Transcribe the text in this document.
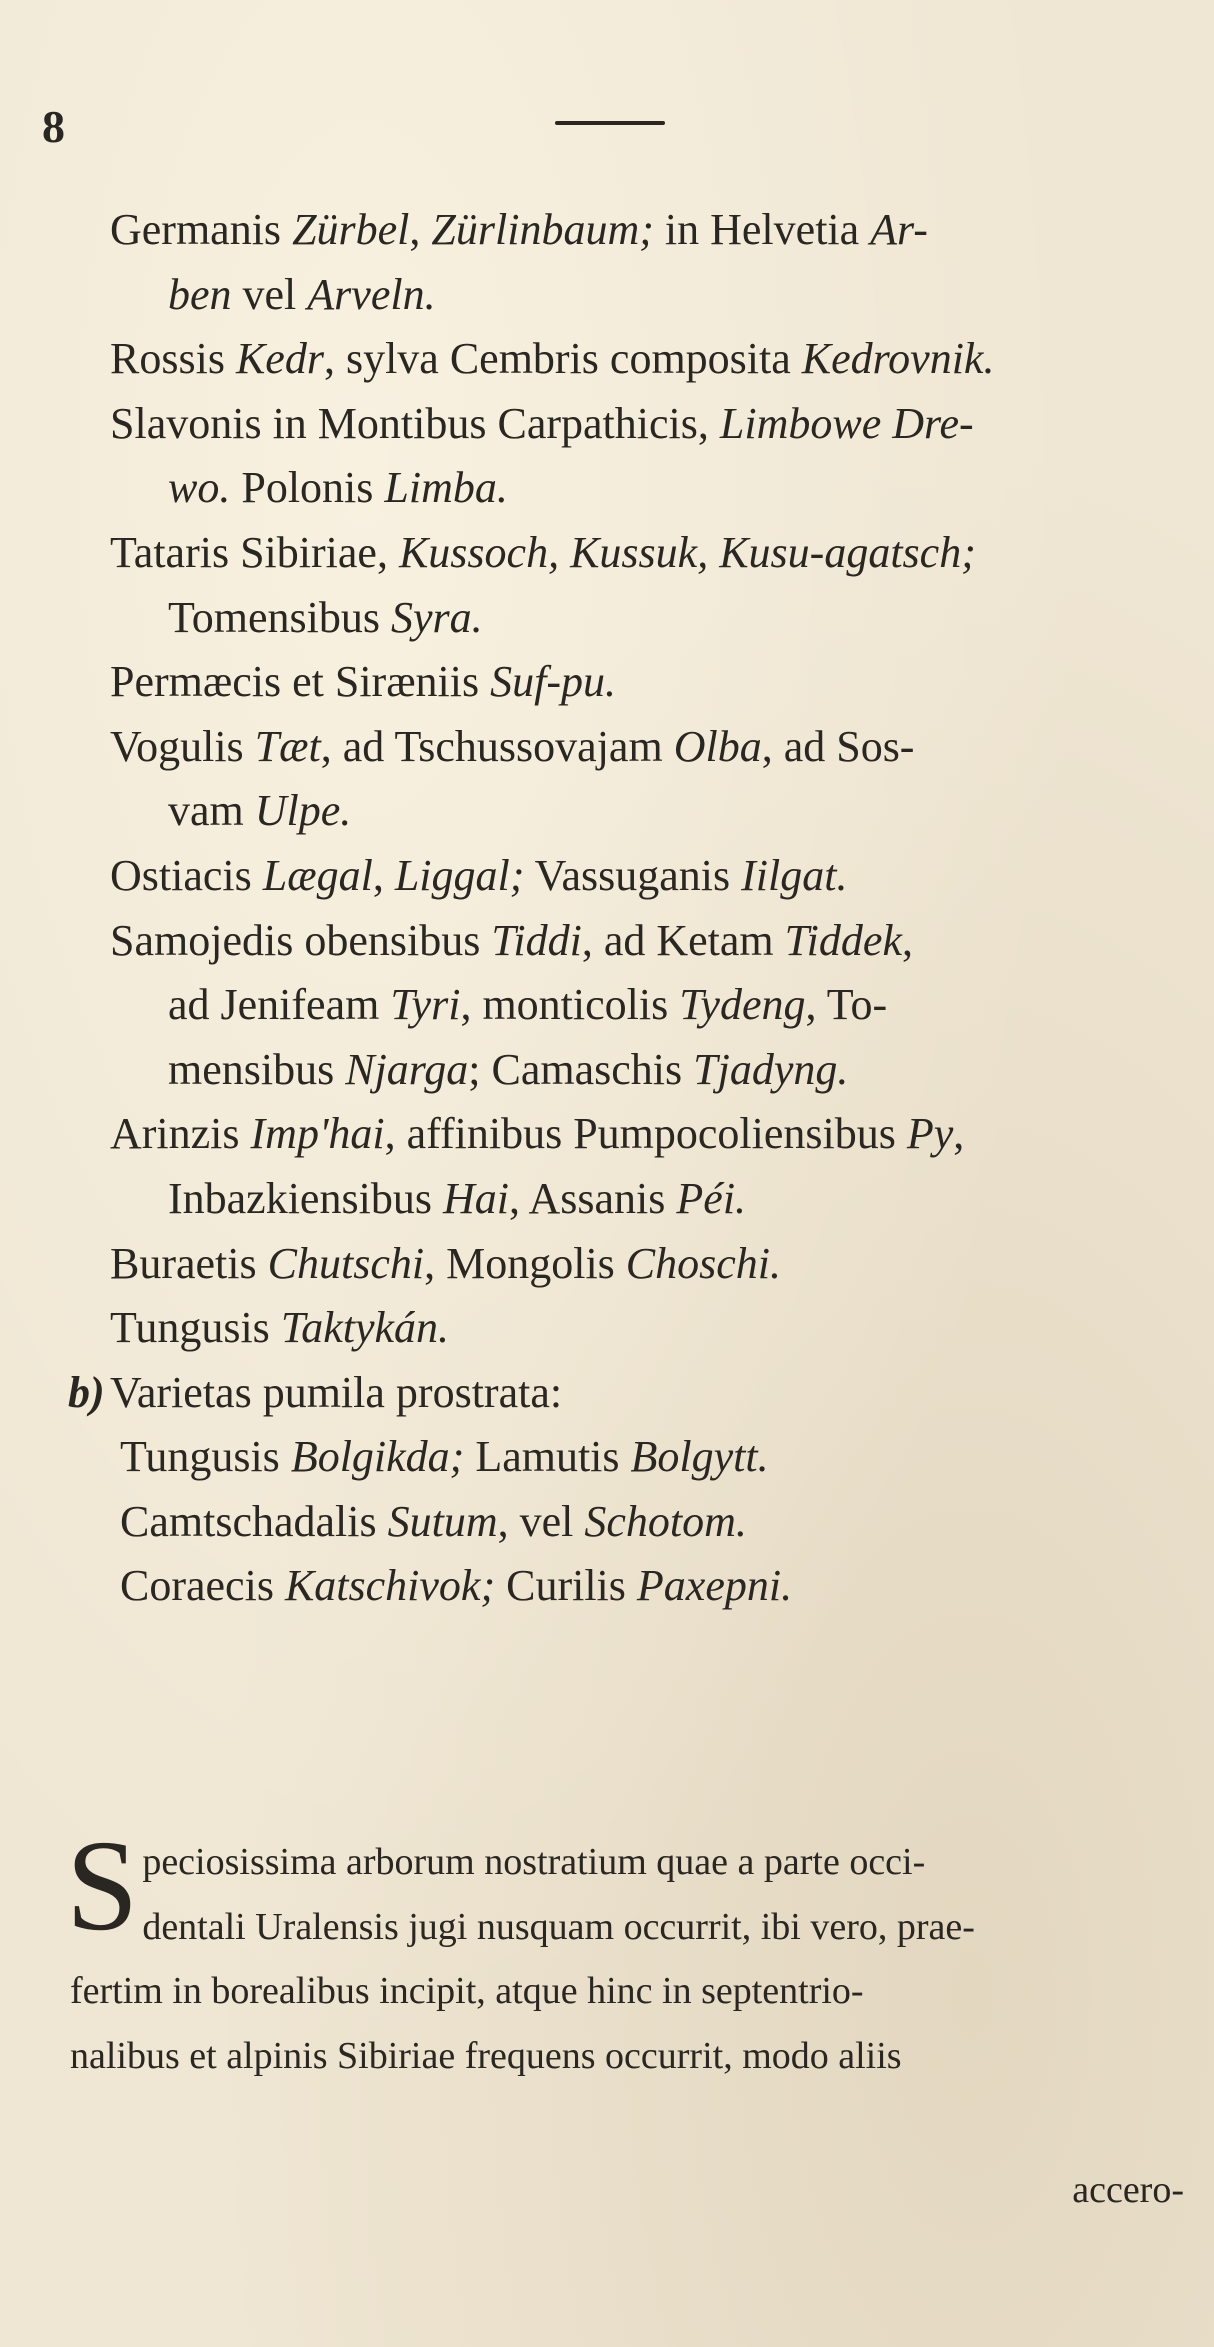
8
Germanis Zürbel, Zürlinbaum; in Helvetia Ar-
ben vel Arveln.
Rossis Kedr, sylva Cembris composita Kedrovnik.
Slavonis in Montibus Carpathicis, Limbowe Dre-
wo. Polonis Limba.
Tataris Sibiriae, Kussoch, Kussuk, Kusu-agatsch;
Tomensibus Syra.
Permæcis et Siræniis Suf-pu.
Vogulis Tæt, ad Tschussovajam Olba, ad Sos-
vam Ulpe.
Ostiacis Lægal, Liggal; Vassuganis Iilgat.
Samojedis obensibus Tiddi, ad Ketam Tiddek,
ad Jenifeam Tyri, monticolis Tydeng, To-
mensibus Njarga; Camaschis Tjadyng.
Arinzis Imp'hai, affinibus Pumpocoliensibus Py,
Inbazkiensibus Hai, Assanis Péi.
Buraetis Chutschi, Mongolis Choschi.
Tungusis Taktykán.
b) Varietas pumila prostrata:
Tungusis Bolgikda; Lamutis Bolgytt.
Camtschadalis Sutum, vel Schotom.
Coraecis Katschivok; Curilis Paxepni.
S peciosissima arborum nostratium quae a parte occi-
dentali Uralensis jugi nusquam occurrit, ibi vero, prae-
fertim in borealibus incipit, atque hinc in septentrio-
nalibus et alpinis Sibiriae frequens occurrit, modo aliis
accero-
